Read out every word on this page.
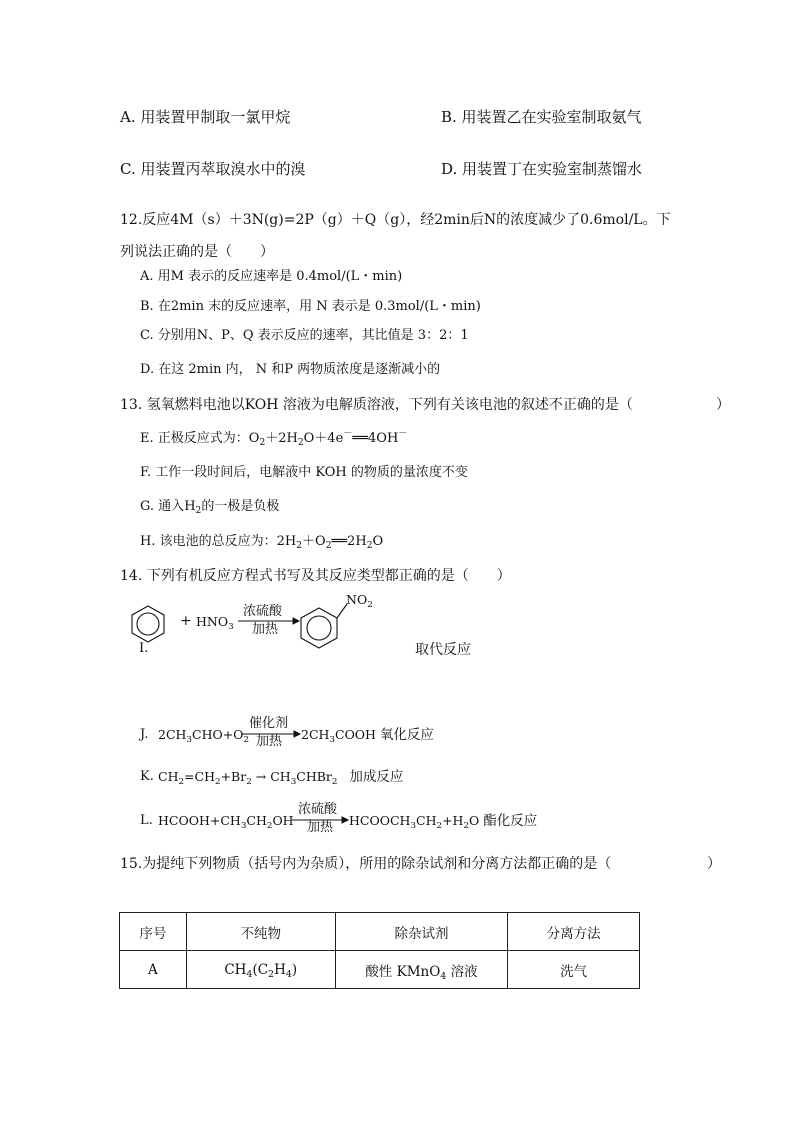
A. 用装置甲制取一氯甲烷	B. 用装置乙在实验室制取氨气
C. 用装置丙萃取溴水中的溴	D. 用装置丁在实验室制蒸馏水
12.反应4M（s）＋3N(g)=2P（g）＋Q（g），经2min后N的浓度减少了0.6mol/L。下
列说法正确的是（　　）
A. 用M 表示的反应速率是 0.4mol/(L・min)
B. 在2min 末的反应速率，用 N 表示是 0.3mol/(L・min)
C. 分别用N、P、Q 表示反应的速率，其比值是 3：2：1
D. 在这 2min 内， N 和P 两物质浓度是逐渐减小的
13. 氢氧燃料电池以KOH 溶液为电解质溶液，下列有关该电池的叙述不正确的是（	）
E. 正极反应式为：$O_2+2H_2O+4e^-══4OH^-$
F. 工作一段时间后，电解液中 KOH 的物质的量浓度不变
G. 通入$H_2$的一极是负极
H. 该电池的总反应为：$2H_2+O_2══2H_2O$
14. 下列有机反应方程式书写及其反应类型都正确的是（　　）
+ $HNO_3$
浓硫酸
加热
$NO_2$
I.	取代反应
J. $2CH_3CHO+O_2$
催化剂
加热 $2CH_3COOH$ 氧化反应
K. $CH_2=CH_2+Br_2$ → $CH_3CHBr_2$ 加成反应
L. $HCOOH+CH_3CH_2OH$
浓硫酸
加热 $HCOOCH_3CH_2+H_2O$ 酯化反应
15.为提纯下列物质（括号内为杂质），所用的除杂试剂和分离方法都正确的是（	）
序号	不纯物	除杂试剂	分离方法
A	$CH_4(C_2H_4)$	酸性 KMnO$_4$ 溶液	洗气
